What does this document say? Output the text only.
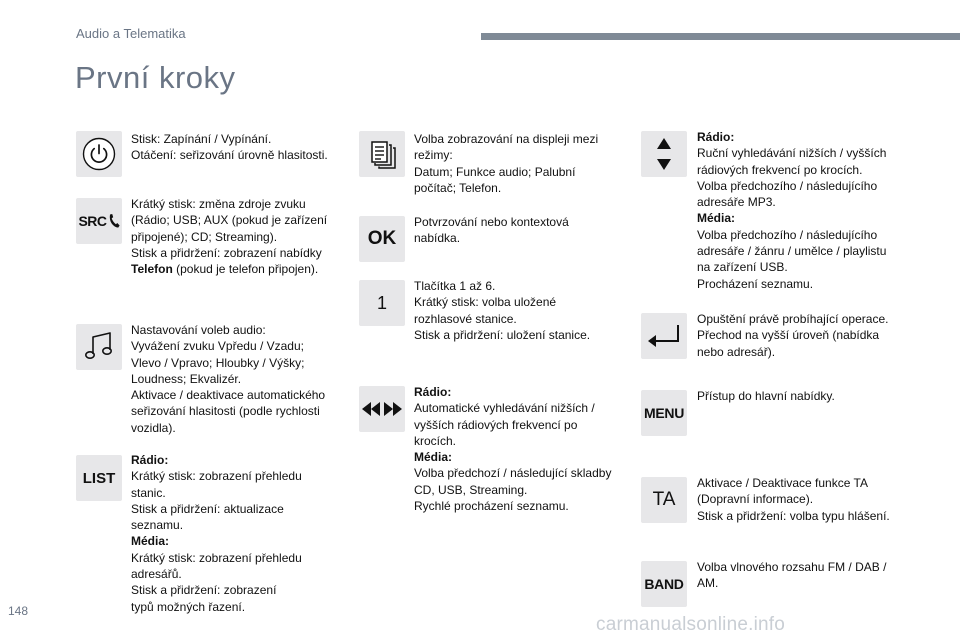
Audio a Telematika
První kroky
Stisk: Zapínání / Vypínání.
Otáčení: seřizování úrovně hlasitosti.
SRC
Krátký stisk: změna zdroje zvuku
(Rádio; USB; AUX (pokud je zařízení
připojené); CD; Streaming).
Stisk a přidržení: zobrazení nabídky
Telefon (pokud je telefon připojen).
Nastavování voleb audio:
Vyvážení zvuku Vpředu / Vzadu;
Vlevo / Vpravo; Hloubky / Výšky;
Loudness; Ekvalizér.
Aktivace / deaktivace automatického
seřizování hlasitosti (podle rychlosti
vozidla).
LIST
Rádio:
Krátký stisk: zobrazení přehledu
stanic.
Stisk a přidržení: aktualizace
seznamu.
Média:
Krátký stisk: zobrazení přehledu
adresářů.
Stisk a přidržení: zobrazení
typů možných řazení.
Volba zobrazování na displeji mezi
režimy:
Datum; Funkce audio; Palubní
počítač; Telefon.
OK
Potvrzování nebo kontextová
nabídka.
1
Tlačítka 1 až 6.
Krátký stisk: volba uložené
rozhlasové stanice.
Stisk a přidržení: uložení stanice.
Rádio:
Automatické vyhledávání nižších /
vyšších rádiových frekvencí po
krocích.
Média:
Volba předchozí / následující skladby
CD, USB, Streaming.
Rychlé procházení seznamu.
Rádio:
Ruční vyhledávání nižších / vyšších
rádiových frekvencí po krocích.
Volba předchozího / následujícího
adresáře MP3.
Média:
Volba předchozího / následujícího
adresáře / žánru / umělce / playlistu
na zařízení USB.
Procházení seznamu.
Opuštění právě probíhající operace.
Přechod na vyšší úroveň (nabídka
nebo adresář).
MENU
Přístup do hlavní nabídky.
TA
Aktivace / Deaktivace funkce TA
(Dopravní informace).
Stisk a přidržení: volba typu hlášení.
BAND
Volba vlnového rozsahu FM / DAB /
AM.
148
carmanualsonline.info
